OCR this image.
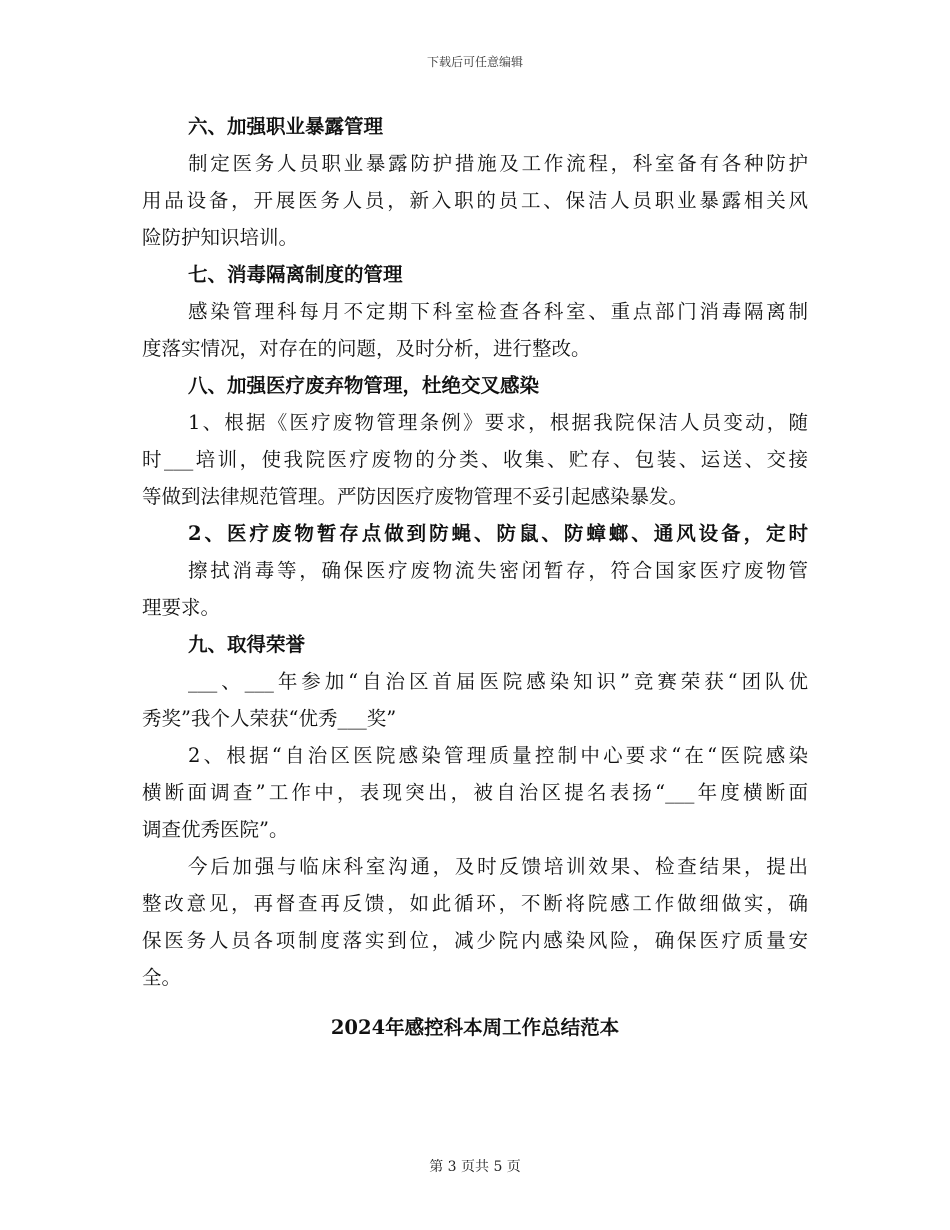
下载后可任意编辑
六、加强职业暴露管理
制定医务人员职业暴露防护措施及工作流程，科室备有各种防护
用品设备，开展医务人员，新入职的员工、保洁人员职业暴露相关风
险防护知识培训。
七、消毒隔离制度的管理
感染管理科每月不定期下科室检查各科室、重点部门消毒隔离制
度落实情况，对存在的问题，及时分析，进行整改。
八、加强医疗废弃物管理，杜绝交叉感染
1、根据《医疗废物管理条例》要求，根据我院保洁人员变动，随
时___培训，使我院医疗废物的分类、收集、贮存、包装、运送、交接
等做到法律规范管理。严防因医疗废物管理不妥引起感染暴发。
2、医疗废物暂存点做到防蝇、防鼠、防蟑螂、通风设备，定时
擦拭消毒等，确保医疗废物流失密闭暂存，符合国家医疗废物管
理要求。
九、取得荣誉
___、___年参加“自治区首届医院感染知识”竞赛荣获“团队优
秀奖”我个人荣获“优秀___奖”
2、根据“自治区医院感染管理质量控制中心要求“在“医院感染
横断面调查”工作中，表现突出，被自治区提名表扬“___年度横断面
调查优秀医院”。
今后加强与临床科室沟通，及时反馈培训效果、检查结果，提出
整改意见，再督查再反馈，如此循环，不断将院感工作做细做实，确
保医务人员各项制度落实到位，减少院内感染风险，确保医疗质量安
全。
2024年感控科本周工作总结范本
第 3 页共 5 页
